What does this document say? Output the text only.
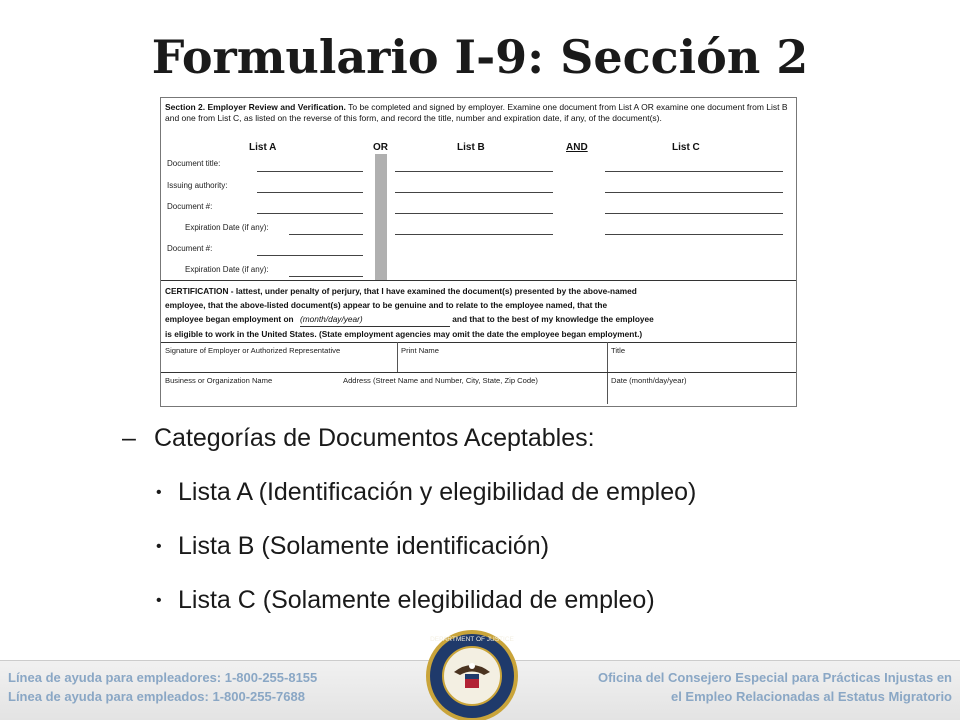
Formulario I-9: Sección 2
Section 2. Employer Review and Verification. To be completed and signed by employer. Examine one document from List A OR examine one document from List B and one from List C, as listed on the reverse of this form, and record the title, number and expiration date, if any, of the document(s).
List A	OR	List B	AND	List C
Document title:
Issuing authority:
Document #:
Expiration Date (if any):
Document #:
Expiration Date (if any):
CERTIFICATION - Iattest, under penalty of perjury, that I have examined the document(s) presented by the above-named
employee, that the above-listed document(s) appear to be genuine and to relate to the employee named, that the
employee began employment on (month/day/year)	and that to the best of my knowledge the employee
is eligible to work in the United States. (State employment agencies may omit the date the employee began employment.)
Signature of Employer or Authorized Representative	Print Name	Title
Business or Organization Name	Address (Street Name and Number, City, State, Zip Code)	Date (month/day/year)
– Categorías de Documentos Aceptables:
• Lista A (Identificación y elegibilidad de empleo)
• Lista B (Solamente identificación)
• Lista C (Solamente elegibilidad de empleo)
Línea de ayuda para empleadores: 1-800-255-8155
Línea de ayuda para empleados: 1-800-255-7688
Oficina del Consejero Especial para Prácticas Injustas en
el Empleo Relacionadas al Estatus Migratorio
DEPARTMENT OF JUSTICE
